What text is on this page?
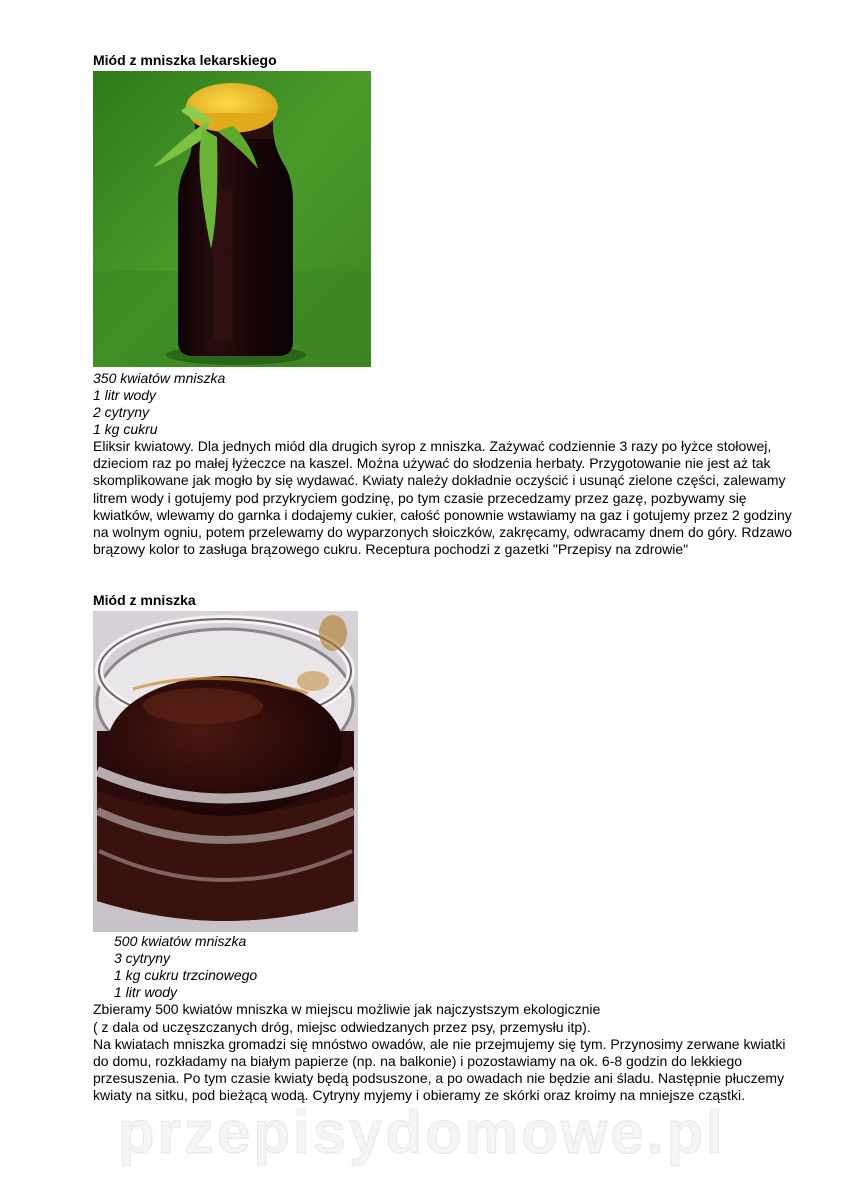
Miód z mniszka lekarskiego
350 kwiatów mniszka
1 litr wody
2 cytryny
1 kg cukru

Eliksir kwiatowy. Dla jednych miód dla drugich syrop z mniszka. Zażywać codziennie 3 razy po łyżce stołowej, dzieciom raz po małej łyżeczce na kaszel. Można używać do słodzenia herbaty. Przygotowanie nie jest aż tak skomplikowane jak mogło by się wydawać. Kwiaty należy dokładnie oczyścić i usunąć zielone części, zalewamy litrem wody i gotujemy pod przykryciem godzinę, po tym czasie przecedzamy przez gazę, pozbywamy się kwiatków, wlewamy do garnka i dodajemy cukier, całość ponownie wstawiamy na gaz i gotujemy przez 2 godziny na wolnym ogniu, potem przelewamy do wyparzonych słoiczków, zakręcamy, odwracamy dnem do góry. Rdzawo brązowy kolor to zasługa brązowego cukru. Receptura pochodzi z gazetki "Przepisy na zdrowie"

Miód z mniszka
500 kwiatów mniszka
3 cytryny
1 kg cukru trzcinowego
1 litr wody

Zbieramy 500 kwiatów mniszka w miejscu możliwie jak najczystszym ekologicznie

( z dala od uczęszczanych dróg, miejsc odwiedzanych przez psy, przemysłu itp).

Na kwiatach mniszka gromadzi się mnóstwo owadów, ale nie przejmujemy się tym. Przynosimy zerwane kwiatki do domu, rozkładamy na białym papierze (np. na balkonie) i pozostawiamy na ok. 6-8 godzin do lekkiego przesuszenia. Po tym czasie kwiaty będą podsuszone, a po owadach nie będzie ani śladu. Następnie płuczemy kwiaty na sitku, pod bieżącą wodą. Cytryny myjemy i obieramy ze skórki oraz kroimy na mniejsze cząstki.

przepisydomowe.pl
